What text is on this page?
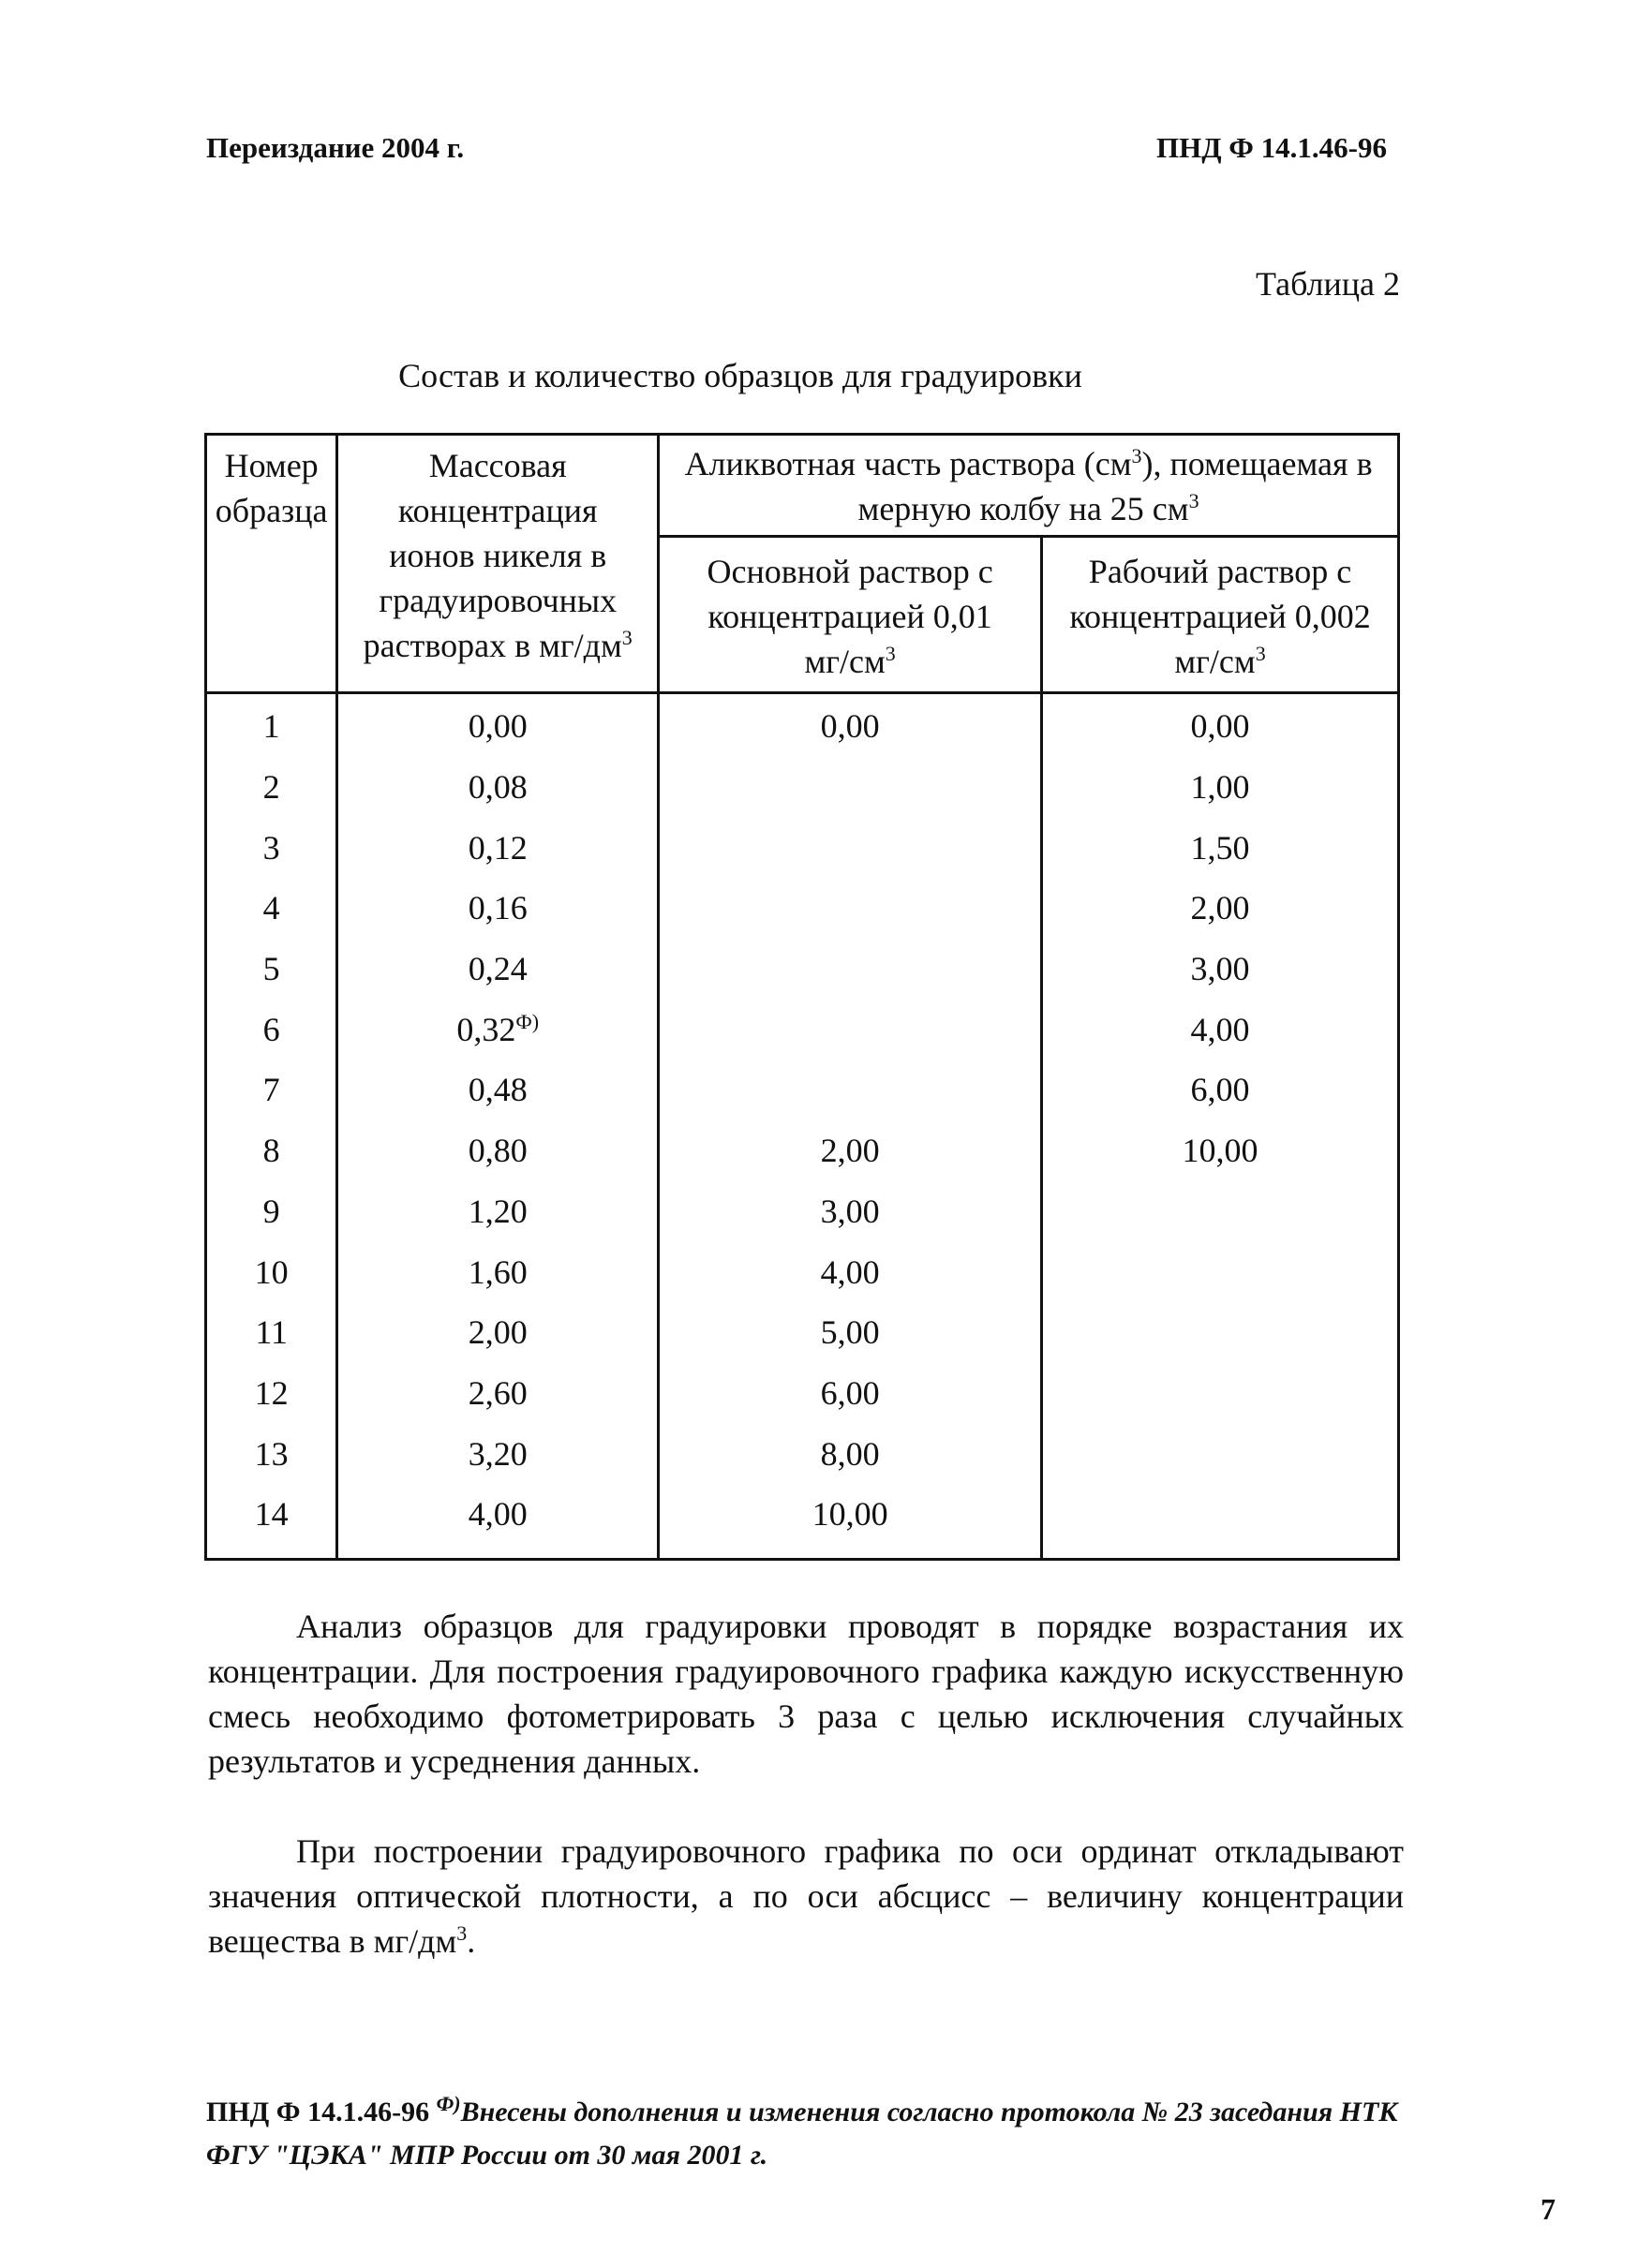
Переиздание 2004 г.	ПНД Ф 14.1.46-96
Таблица 2
Состав и количество образцов для градуировки
Номер образца	Массовая концентрация ионов никеля в градуировочных растворах в $мг/дм^3$	Аликвотная часть раствора $(см^3)$, помещаемая в мерную колбу на 25 $см^3$

		Основной раствор с концентрацией 0,01 $мг/см^3$	Рабочий раствор с концентрацией 0,002 $мг/см^3$

1	0,00	0,00	0,00
2	0,08		1,00
3	0,12		1,50
4	0,16		2,00
5	0,24		3,00
6	$0,32^{Ф)}$		4,00
7	0,48		6,00
8	0,80	2,00	10,00
9	1,20	3,00	
10	1,60	4,00	
11	2,00	5,00	
12	2,60	6,00	
13	3,20	8,00	
14	4,00	10,00	
Анализ образцов для градуировки проводят в порядке возрастания их концентрации. Для построения градуировочного графика каждую искусственную смесь необходимо фотометрировать 3 раза с целью исключения случайных результатов и усреднения данных.
При построении градуировочного графика по оси ординат откладывают значения оптической плотности, а по оси абсцисс – величину концентрации вещества в $мг/дм^3$.
ПНД Ф 14.1.46-96 $^{Ф)}$Внесены дополнения и изменения согласно протокола № 23 заседания НТК ФГУ "ЦЭКА" МПР России от 30 мая 2001 г.
7
